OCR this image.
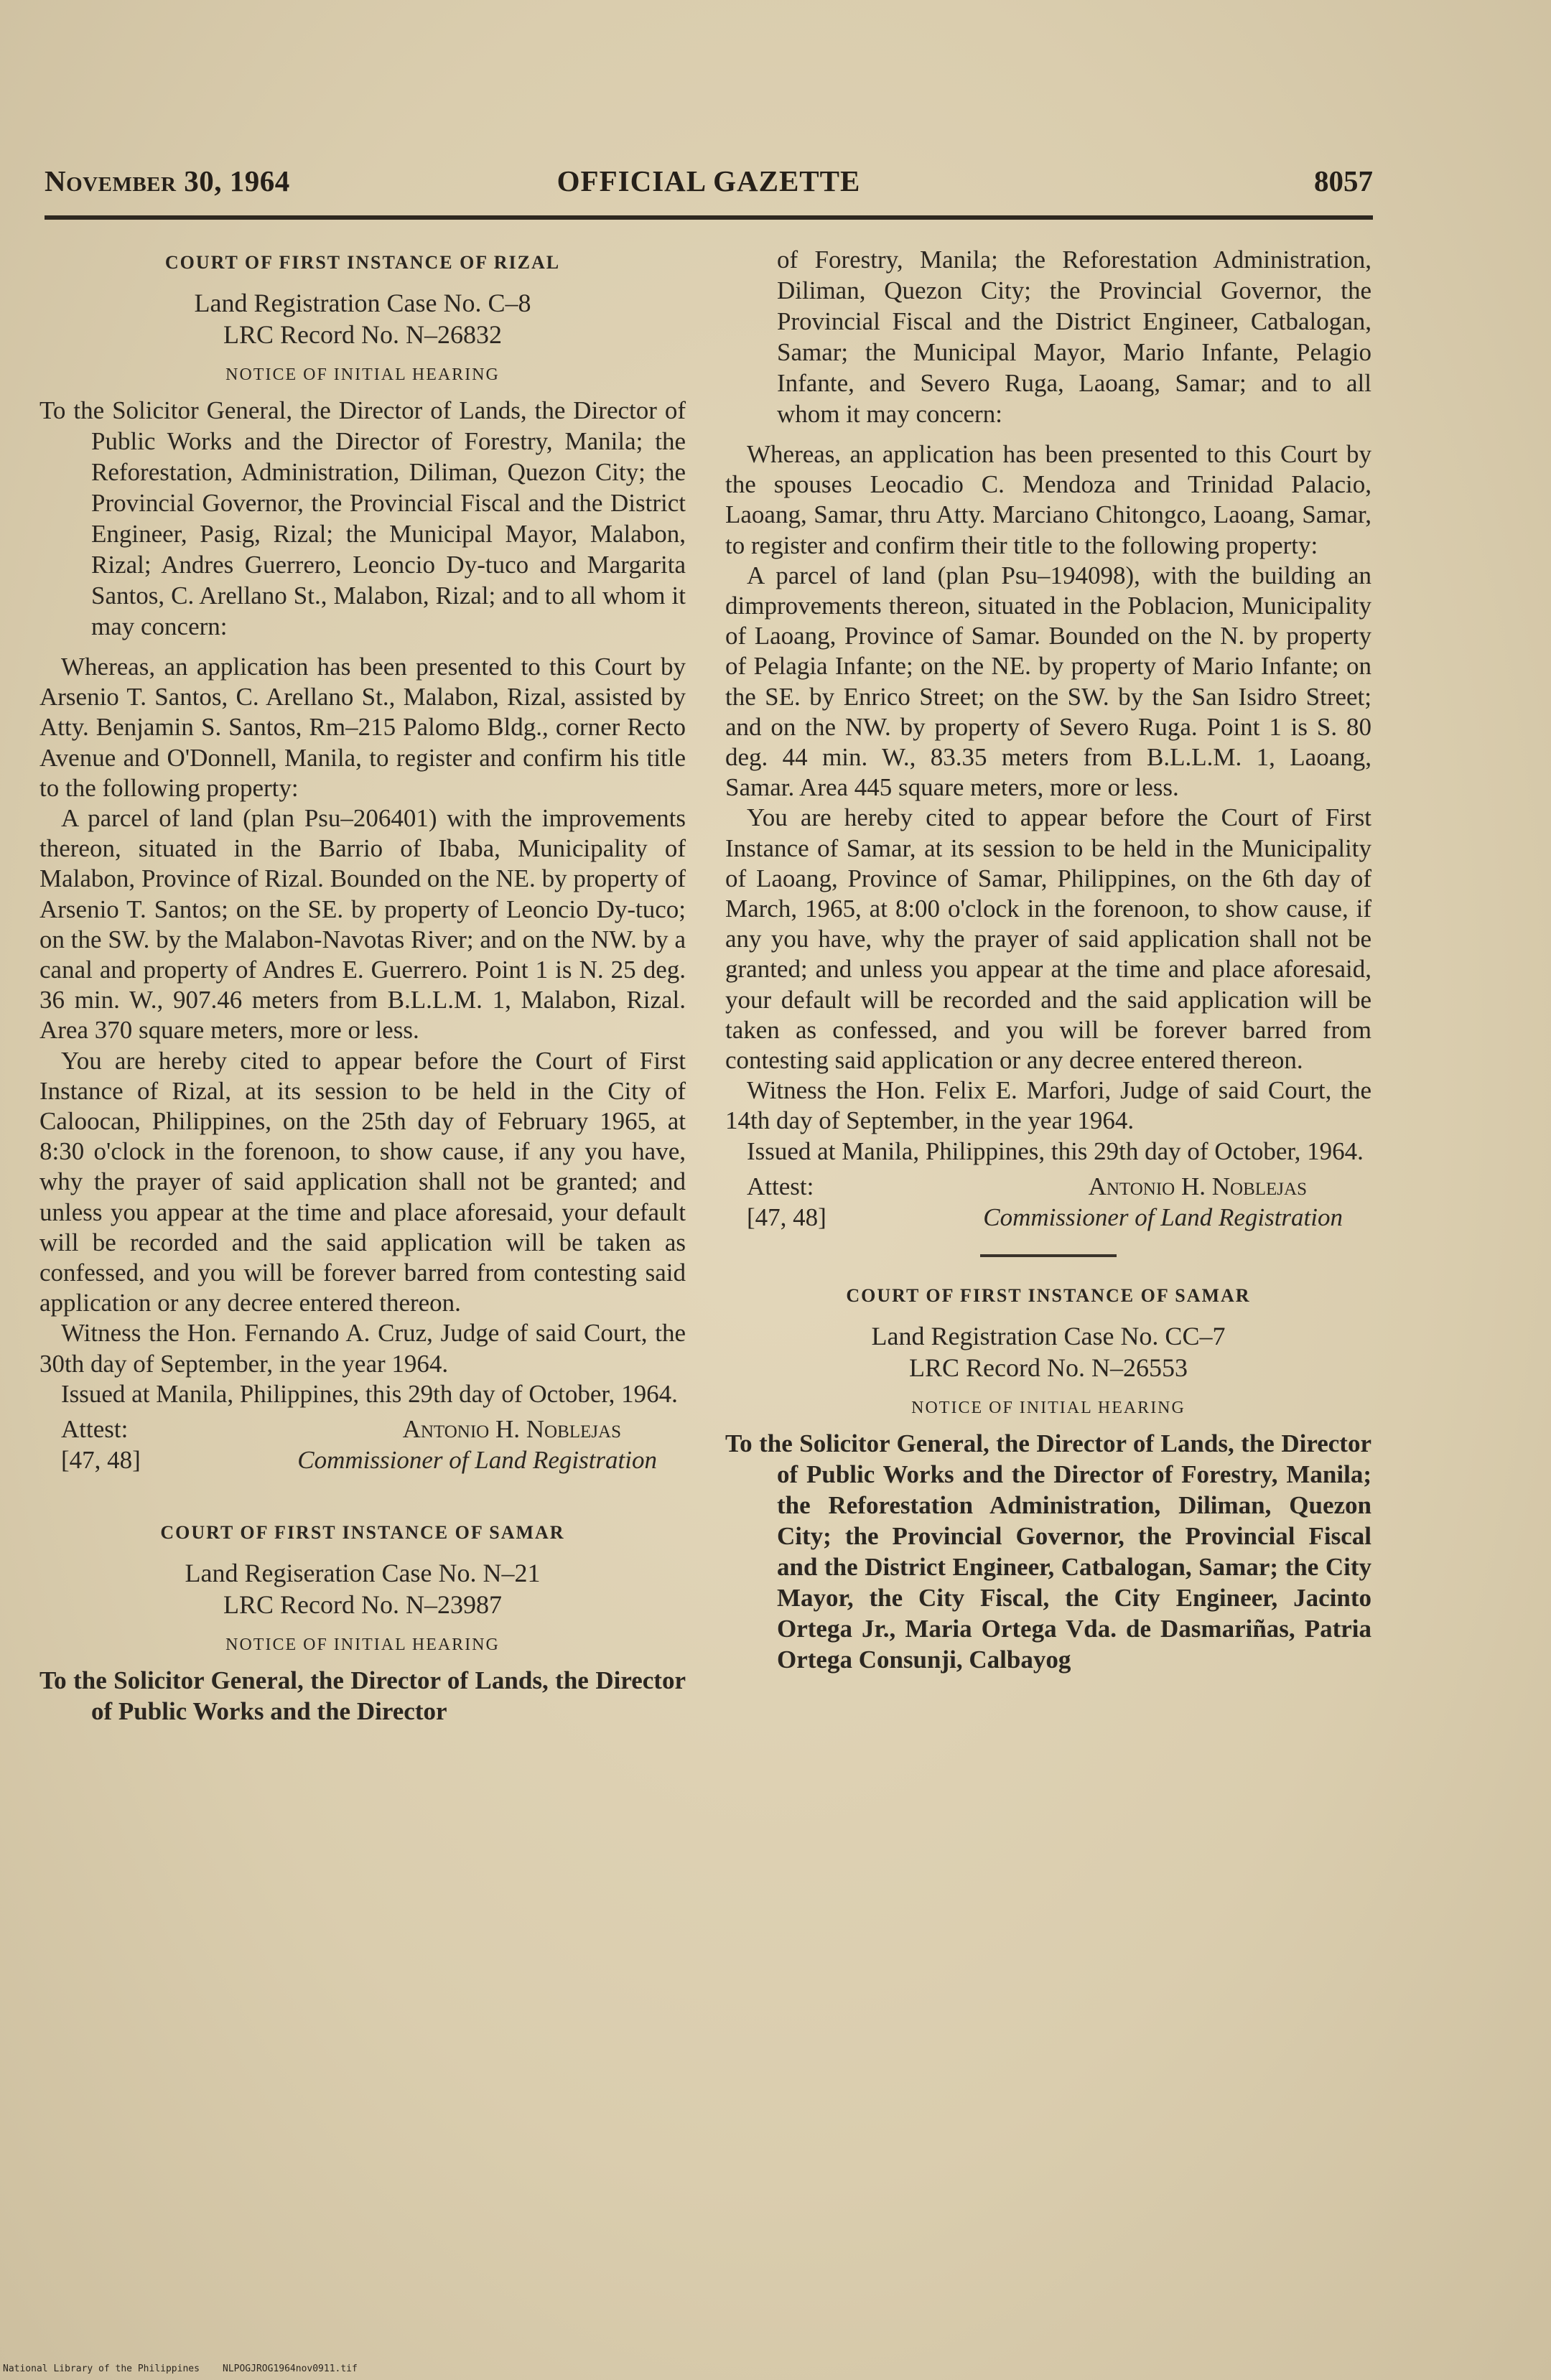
November 30, 1964	OFFICIAL GAZETTE	8057
COURT OF FIRST INSTANCE OF RIZAL
Land Registration Case No. C–8
LRC Record No. N–26832
NOTICE OF INITIAL HEARING

To the Solicitor General, the Director of Lands, the Director of Public Works and the Director of Forestry, Manila; the Reforestation, Administration, Diliman, Quezon City; the Provincial Governor, the Provincial Fiscal and the District Engineer, Pasig, Rizal; the Municipal Mayor, Malabon, Rizal; Andres Guerrero, Leoncio Dy-tuco and Margarita Santos, C. Arellano St., Malabon, Rizal; and to all whom it may concern:

Whereas, an application has been presented to this Court by Arsenio T. Santos, C. Arellano St., Malabon, Rizal, assisted by Atty. Benjamin S. Santos, Rm–215 Palomo Bldg., corner Recto Avenue and O'Donnell, Manila, to register and confirm his title to the following property:

A parcel of land (plan Psu–206401) with the improvements thereon, situated in the Barrio of Ibaba, Municipality of Malabon, Province of Rizal. Bounded on the NE. by property of Arsenio T. Santos; on the SE. by property of Leoncio Dy-tuco; on the SW. by the Malabon-Navotas River; and on the NW. by a canal and property of Andres E. Guerrero. Point 1 is N. 25 deg. 36 min. W., 907.46 meters from B.L.L.M. 1, Malabon, Rizal. Area 370 square meters, more or less.

You are hereby cited to appear before the Court of First Instance of Rizal, at its session to be held in the City of Caloocan, Philippines, on the 25th day of February 1965, at 8:30 o'clock in the forenoon, to show cause, if any you have, why the prayer of said application shall not be granted; and unless you appear at the time and place aforesaid, your default will be recorded and the said application will be taken as confessed, and you will be forever barred from contesting said application or any decree entered thereon.

Witness the Hon. Fernando A. Cruz, Judge of said Court, the 30th day of September, in the year 1964.

Issued at Manila, Philippines, this 29th day of October, 1964.

Attest:	Antonio H. Noblejas
[47, 48]	Commissioner of Land Registration
COURT OF FIRST INSTANCE OF SAMAR
Land Regiseration Case No. N–21
LRC Record No. N–23987
NOTICE OF INITIAL HEARING

To the Solicitor General, the Director of Lands, the Director of Public Works and the Director

of Forestry, Manila; the Reforestation Administration, Diliman, Quezon City; the Provincial Governor, the Provincial Fiscal and the District Engineer, Catbalogan, Samar; the Municipal Mayor, Mario Infante, Pelagio Infante, and Severo Ruga, Laoang, Samar; and to all whom it may concern:

Whereas, an application has been presented to this Court by the spouses Leocadio C. Mendoza and Trinidad Palacio, Laoang, Samar, thru Atty. Marciano Chitongco, Laoang, Samar, to register and confirm their title to the following property:

A parcel of land (plan Psu–194098), with the building an dimprovements thereon, situated in the Poblacion, Municipality of Laoang, Province of Samar. Bounded on the N. by property of Pelagia Infante; on the NE. by property of Mario Infante; on the SE. by Enrico Street; on the SW. by the San Isidro Street; and on the NW. by property of Severo Ruga. Point 1 is S. 80 deg. 44 min. W., 83.35 meters from B.L.L.M. 1, Laoang, Samar. Area 445 square meters, more or less.

You are hereby cited to appear before the Court of First Instance of Samar, at its session to be held in the Municipality of Laoang, Province of Samar, Philippines, on the 6th day of March, 1965, at 8:00 o'clock in the forenoon, to show cause, if any you have, why the prayer of said application shall not be granted; and unless you appear at the time and place aforesaid, your default will be recorded and the said application will be taken as confessed, and you will be forever barred from contesting said application or any decree entered thereon.

Witness the Hon. Felix E. Marfori, Judge of said Court, the 14th day of September, in the year 1964.

Issued at Manila, Philippines, this 29th day of October, 1964.

Attest:	Antonio H. Noblejas
[47, 48]	Commissioner of Land Registration
COURT OF FIRST INSTANCE OF SAMAR
Land Registration Case No. CC–7
LRC Record No. N–26553
NOTICE OF INITIAL HEARING

To the Solicitor General, the Director of Lands, the Director of Public Works and the Director of Forestry, Manila; the Reforestation Administration, Diliman, Quezon City; the Provincial Governor, the Provincial Fiscal and the District Engineer, Catbalogan, Samar; the City Mayor, the City Fiscal, the City Engineer, Jacinto Ortega Jr., Maria Ortega Vda. de Dasmariñas, Patria Ortega Consunji, Calbayog

National Library of the Philippines NLPOGJROG1964nov0911.tif
